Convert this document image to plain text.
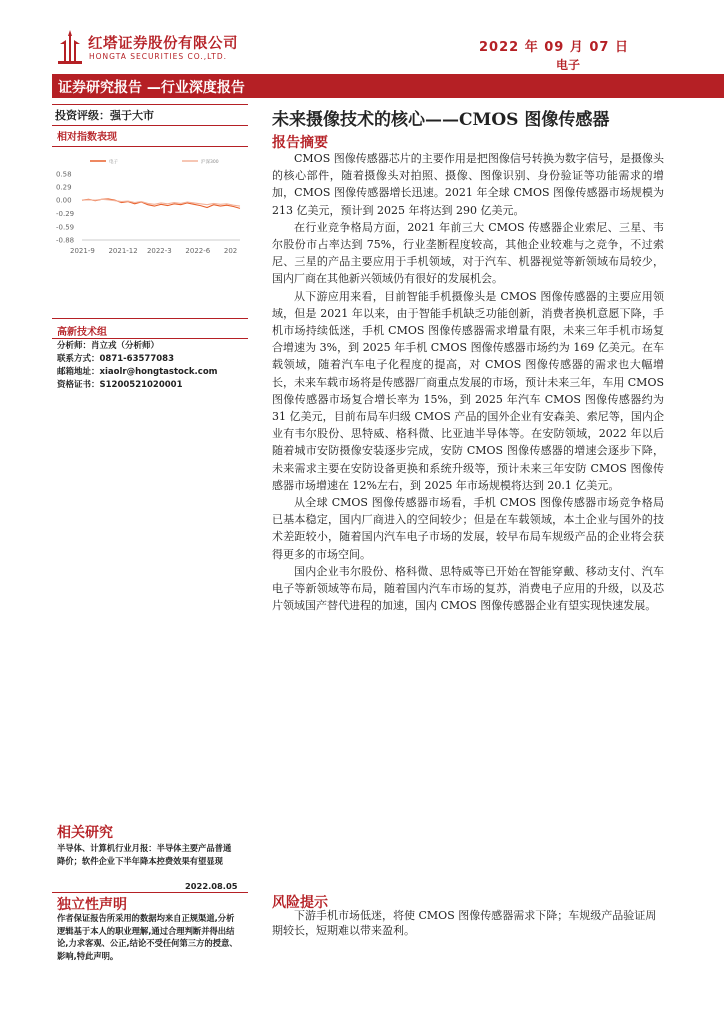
红塔证券股份有限公司
HONGTA SECURITIES CO.,LTD.
2022 年 09 月 07 日
电子
证券研究报告 —行业深度报告
投资评级：强于大市
相对指数表现
电子	沪深300
0.58
0.29
0.00
-0.29
-0.59
-0.88
2021-9 2021-12 2022-3 2022-6 202
高新技术组
分析师：肖立戎（分析师）
联系方式：0871-63577083
邮箱地址：xiaolr@hongtastock.com
资格证书：S1200521020001
相关研究
半导体、计算机行业月报：半导体主要产品普通降价；软件企业下半年降本控费效果有望显现
2022.08.05
独立性声明
作者保证报告所采用的数据均来自正规渠道,分析逻辑基于本人的职业理解,通过合理判断并得出结论,力求客观、公正,结论不受任何第三方的授意、影响,特此声明。
未来摄像技术的核心——CMOS 图像传感器
报告摘要

CMOS 图像传感器芯片的主要作用是把图像信号转换为数字信号，是摄像头的核心部件，随着摄像头对拍照、摄像、图像识别、身份验证等功能需求的增加，CMOS 图像传感器增长迅速。2021 年全球 CMOS 图像传感器市场规模为 213 亿美元，预计到 2025 年将达到 290 亿美元。

在行业竞争格局方面，2021 年前三大 CMOS 传感器企业索尼、三星、韦尔股份市占率达到 75%，行业垄断程度较高，其他企业较难与之竞争，不过索尼、三星的产品主要应用于手机领域，对于汽车、机器视觉等新领域布局较少，国内厂商在其他新兴领域仍有很好的发展机会。

从下游应用来看，目前智能手机摄像头是 CMOS 图像传感器的主要应用领域，但是 2021 年以来，由于智能手机缺乏功能创新，消费者换机意愿下降，手机市场持续低迷，手机 CMOS 图像传感器需求增量有限，未来三年手机市场复合增速为 3%，到 2025 年手机 CMOS 图像传感器市场约为 169 亿美元。在车载领域，随着汽车电子化程度的提高，对 CMOS 图像传感器的需求也大幅增长，未来车载市场将是传感器厂商重点发展的市场，预计未来三年，车用 CMOS 图像传感器市场复合增长率为 15%，到 2025 年汽车 CMOS 图像传感器约为 31 亿美元，目前布局车归级 CMOS 产品的国外企业有安森美、索尼等，国内企业有韦尔股份、思特威、格科微、比亚迪半导体等。在安防领域，2022 年以后随着城市安防摄像安装逐步完成，安防 CMOS 图像传感器的增速会逐步下降，未来需求主要在安防设备更换和系统升级等，预计未来三年安防 CMOS 图像传感器市场增速在 12%左右，到 2025 年市场规模将达到 20.1 亿美元。

从全球 CMOS 图像传感器市场看，手机 CMOS 图像传感器市场竞争格局已基本稳定，国内厂商进入的空间较少；但是在车载领域，本土企业与国外的技术差距较小，随着国内汽车电子市场的发展，较早布局车规级产品的企业将会获得更多的市场空间。

国内企业韦尔股份、格科微、思特威等已开始在智能穿戴、移动支付、汽车电子等新领域等布局，随着国内汽车市场的复苏，消费电子应用的升级，以及芯片领域国产替代进程的加速，国内 CMOS 图像传感器企业有望实现快速发展。

风险提示

下游手机市场低迷，将使 CMOS 图像传感器需求下降；车规级产品验证周期较长，短期难以带来盈利。
